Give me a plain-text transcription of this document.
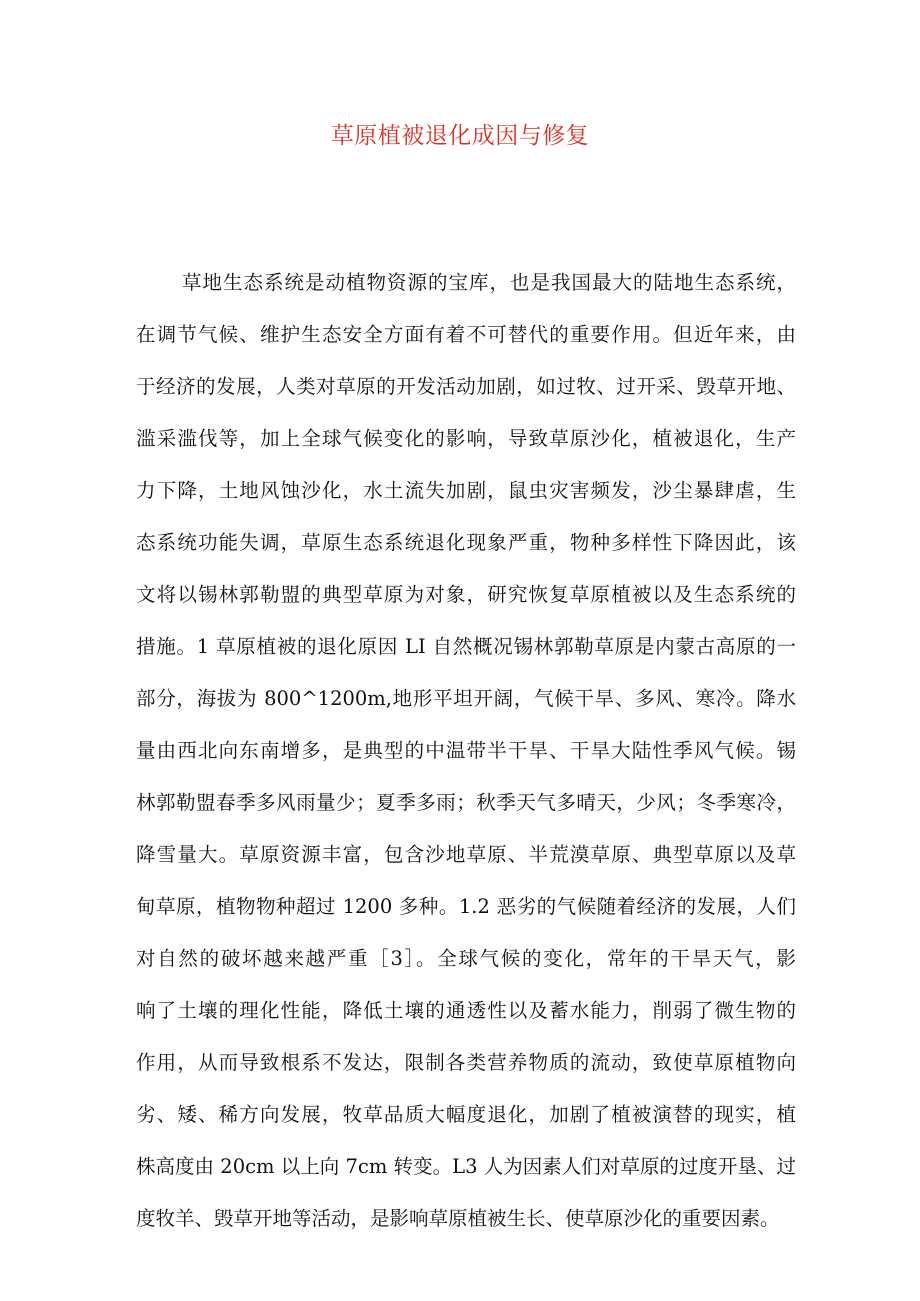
草原植被退化成因与修复
草地生态系统是动植物资源的宝库，也是我国最大的陆地生态系统，
在调节气候、维护生态安全方面有着不可替代的重要作用。但近年来，由
于经济的发展，人类对草原的开发活动加剧，如过牧、过开采、毁草开地、
滥采滥伐等，加上全球气候变化的影响，导致草原沙化，植被退化，生产
力下降，土地风蚀沙化，水土流失加剧，鼠虫灾害频发，沙尘暴肆虐，生
态系统功能失调，草原生态系统退化现象严重，物种多样性下降因此，该
文将以锡林郭勒盟的典型草原为对象，研究恢复草原植被以及生态系统的
措施。1 草原植被的退化原因 LI 自然概况锡林郭勒草原是内蒙古高原的一
部分，海拔为 800^1200m,地形平坦开阔，气候干旱、多风、寒冷。降水
量由西北向东南增多，是典型的中温带半干旱、干旱大陆性季风气候。锡
林郭勒盟春季多风雨量少；夏季多雨；秋季天气多晴天，少风；冬季寒冷，
降雪量大。草原资源丰富，包含沙地草原、半荒漠草原、典型草原以及草
甸草原，植物物种超过 1200 多种。1.2 恶劣的气候随着经济的发展，人们
对自然的破坏越来越严重［3］。全球气候的变化，常年的干旱天气，影
响了土壤的理化性能，降低土壤的通透性以及蓄水能力，削弱了微生物的
作用，从而导致根系不发达，限制各类营养物质的流动，致使草原植物向
劣、矮、稀方向发展，牧草品质大幅度退化，加剧了植被演替的现实，植
株高度由 20cm 以上向 7cm 转变。L3 人为因素人们对草原的过度开垦、过
度牧羊、毁草开地等活动，是影响草原植被生长、使草原沙化的重要因素。
